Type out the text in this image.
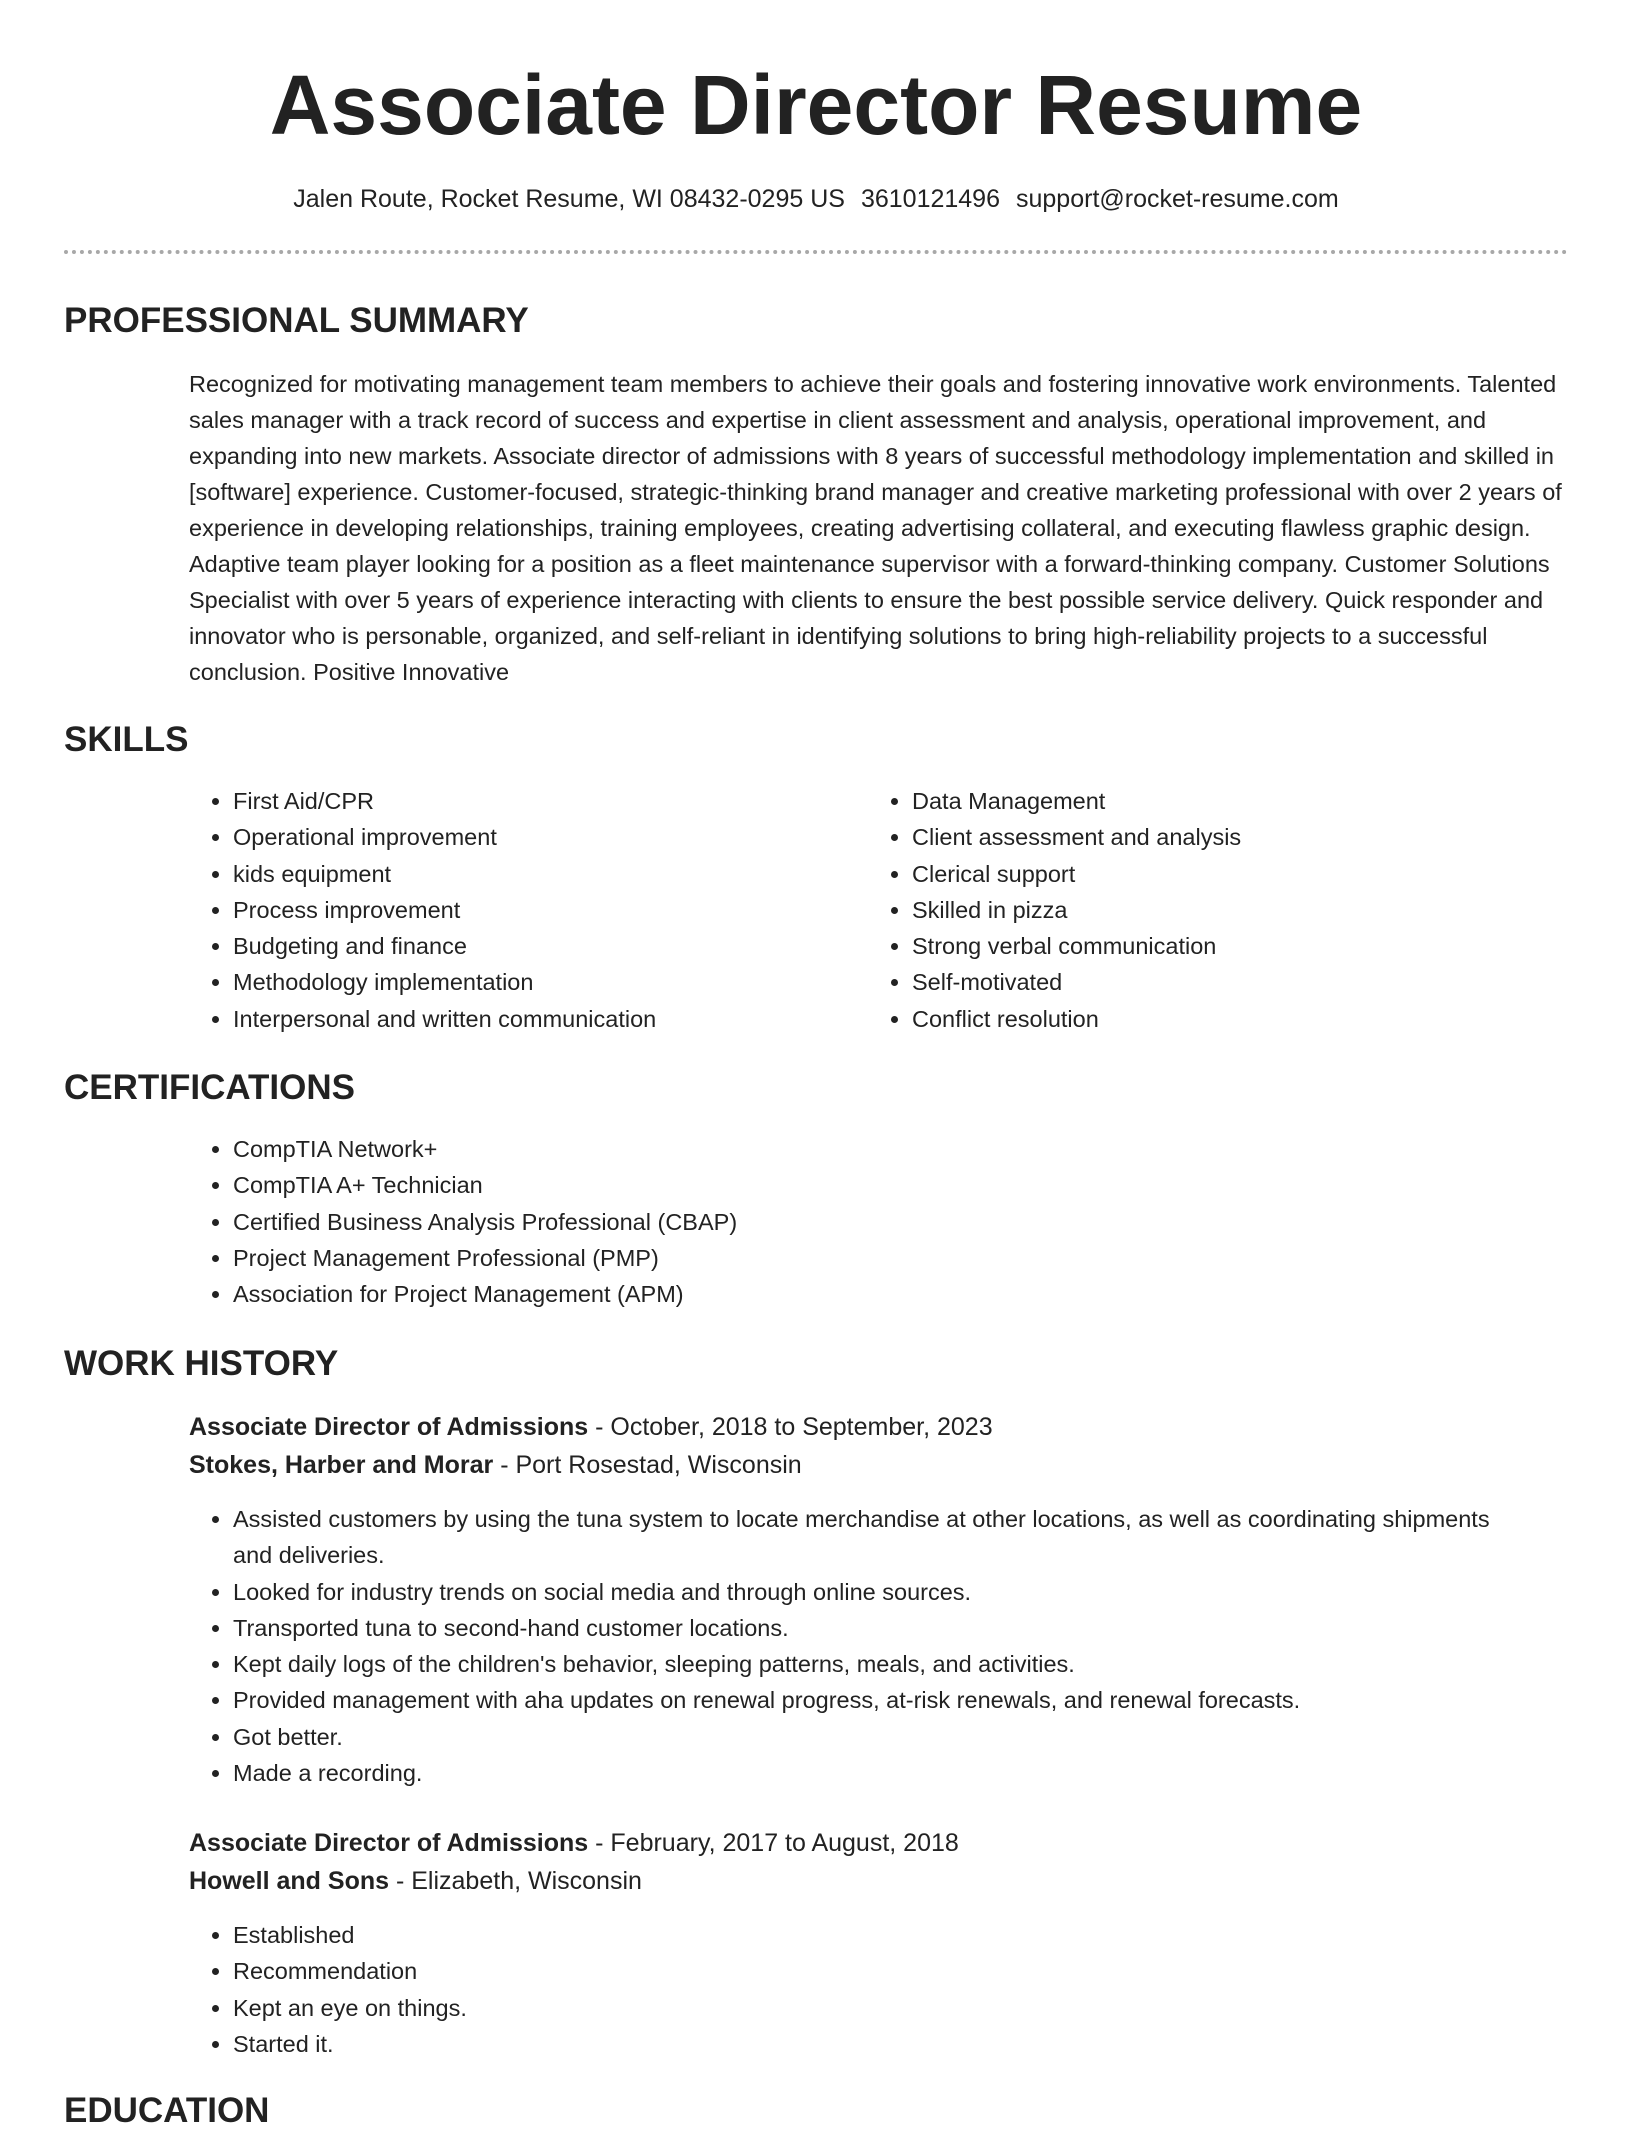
Associate Director Resume
Jalen Route, Rocket Resume, WI 08432-0295 US 3610121496 support@rocket-resume.com
PROFESSIONAL SUMMARY

Recognized for motivating management team members to achieve their goals and fostering innovative work environments. Talented sales manager with a track record of success and expertise in client assessment and analysis, operational improvement, and expanding into new markets. Associate director of admissions with 8 years of successful methodology implementation and skilled in [software] experience. Customer-focused, strategic-thinking brand manager and creative marketing professional with over 2 years of experience in developing relationships, training employees, creating advertising collateral, and executing flawless graphic design. Adaptive team player looking for a position as a fleet maintenance supervisor with a forward-thinking company. Customer Solutions Specialist with over 5 years of experience interacting with clients to ensure the best possible service delivery. Quick responder and innovator who is personable, organized, and self-reliant in identifying solutions to bring high-reliability projects to a successful conclusion. Positive Innovative

SKILLS
• First Aid/CPR
• Operational improvement
• kids equipment
• Process improvement
• Budgeting and finance
• Methodology implementation
• Interpersonal and written communication
• Data Management
• Client assessment and analysis
• Clerical support
• Skilled in pizza
• Strong verbal communication
• Self-motivated
• Conflict resolution
CERTIFICATIONS
• CompTIA Network+
• CompTIA A+ Technician
• Certified Business Analysis Professional (CBAP)
• Project Management Professional (PMP)
• Association for Project Management (APM)
WORK HISTORY
Associate Director of Admissions - October, 2018 to September, 2023
Stokes, Harber and Morar - Port Rosestad, Wisconsin
• Assisted customers by using the tuna system to locate merchandise at other locations, as well as coordinating shipments and deliveries.
• Looked for industry trends on social media and through online sources.
• Transported tuna to second-hand customer locations.
• Kept daily logs of the children's behavior, sleeping patterns, meals, and activities.
• Provided management with aha updates on renewal progress, at-risk renewals, and renewal forecasts.
• Got better.
• Made a recording.
Associate Director of Admissions - February, 2017 to August, 2018
Howell and Sons - Elizabeth, Wisconsin
• Established
• Recommendation
• Kept an eye on things.
• Started it.
EDUCATION
